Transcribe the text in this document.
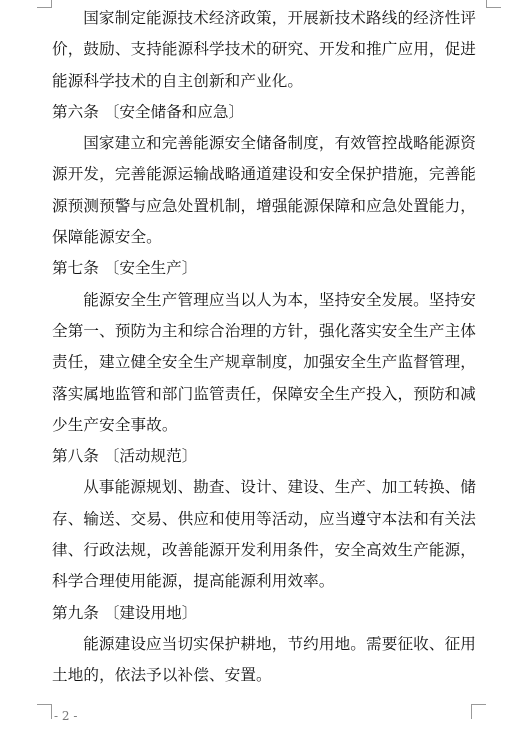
国家制定能源技术经济政策，开展新技术路线的经济性评价，鼓励、支持能源科学技术的研究、开发和推广应用，促进能源科学技术的自主创新和产业化。

第六条 〔安全储备和应急〕

国家建立和完善能源安全储备制度，有效管控战略能源资源开发，完善能源运输战略通道建设和安全保护措施，完善能源预测预警与应急处置机制，增强能源保障和应急处置能力，保障能源安全。

第七条 〔安全生产〕

能源安全生产管理应当以人为本，坚持安全发展。坚持安全第一、预防为主和综合治理的方针，强化落实安全生产主体责任，建立健全安全生产规章制度，加强安全生产监督管理，落实属地监管和部门监管责任，保障安全生产投入，预防和减少生产安全事故。

第八条 〔活动规范〕

从事能源规划、勘查、设计、建设、生产、加工转换、储存、输送、交易、供应和使用等活动，应当遵守本法和有关法律、行政法规，改善能源开发利用条件，安全高效生产能源，科学合理使用能源，提高能源利用效率。

第九条 〔建设用地〕

能源建设应当切实保护耕地，节约用地。需要征收、征用土地的，依法予以补偿、安置。

- 2 -
